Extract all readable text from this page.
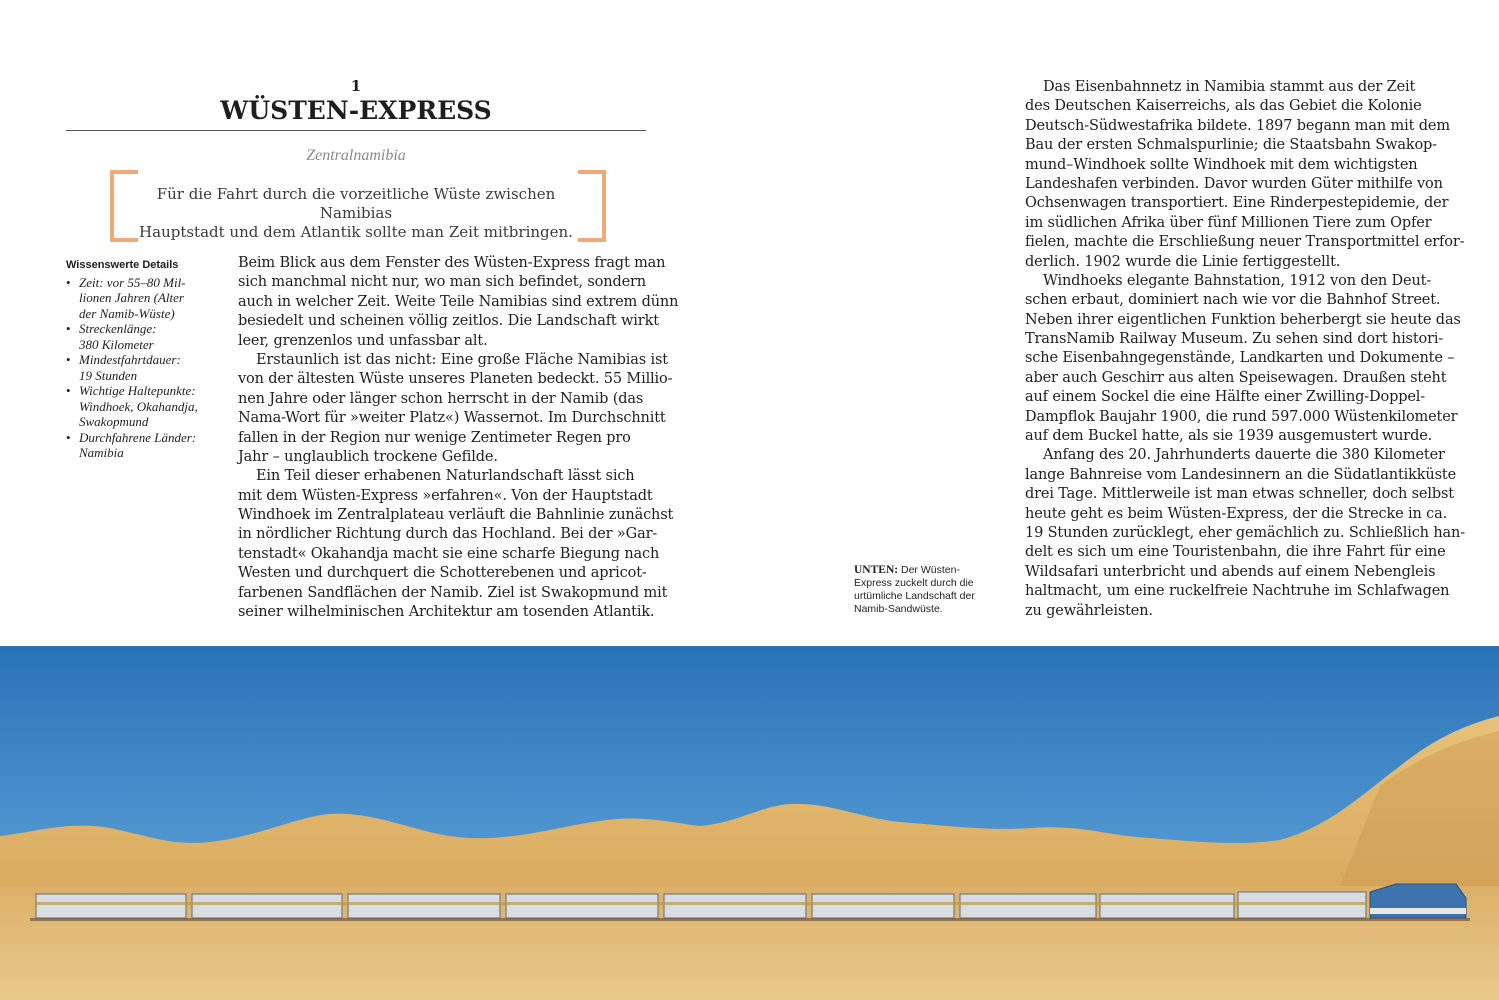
1
WÜSTEN-EXPRESS
Zentralnamibia
Für die Fahrt durch die vorzeitliche Wüste zwischen Namibias
Hauptstadt und dem Atlantik sollte man Zeit mitbringen.
Wissenswerte Details
• Zeit: vor 55–80 Mil-
lionen Jahren (Alter
der Namib-Wüste)
• Streckenlänge:
380 Kilometer
• Mindestfahrtdauer:
19 Stunden
• Wichtige Haltepunkte:
Windhoek, Okahandja,
Swakopmund
• Durchfahrene Länder:
Namibia
Beim Blick aus dem Fenster des Wüsten-Express fragt man
sich manchmal nicht nur, wo man sich befindet, sondern
auch in welcher Zeit. Weite Teile Namibias sind extrem dünn
besiedelt und scheinen völlig zeitlos. Die Landschaft wirkt
leer, grenzenlos und unfassbar alt.
Erstaunlich ist das nicht: Eine große Fläche Namibias ist
von der ältesten Wüste unseres Planeten bedeckt. 55 Millio-
nen Jahre oder länger schon herrscht in der Namib (das
Nama-Wort für »weiter Platz«) Wassernot. Im Durchschnitt
fallen in der Region nur wenige Zentimeter Regen pro
Jahr – unglaublich trockene Gefilde.
Ein Teil dieser erhabenen Naturlandschaft lässt sich
mit dem Wüsten-Express »erfahren«. Von der Hauptstadt
Windhoek im Zentralplateau verläuft die Bahnlinie zunächst
in nördlicher Richtung durch das Hochland. Bei der »Gar-
tenstadt« Okahandja macht sie eine scharfe Biegung nach
Westen und durchquert die Schotterebenen und apricot-
farbenen Sandflächen der Namib. Ziel ist Swakopmund mit
seiner wilhelminischen Architektur am tosenden Atlantik.
Das Eisenbahnnetz in Namibia stammt aus der Zeit
des Deutschen Kaiserreichs, als das Gebiet die Kolonie
Deutsch-Südwestafrika bildete. 1897 begann man mit dem
Bau der ersten Schmalspurlinie; die Staatsbahn Swakop-
mund–Windhoek sollte Windhoek mit dem wichtigsten
Landeshafen verbinden. Davor wurden Güter mithilfe von
Ochsenwagen transportiert. Eine Rinderpestepidemie, der
im südlichen Afrika über fünf Millionen Tiere zum Opfer
fielen, machte die Erschließung neuer Transportmittel erfor-
derlich. 1902 wurde die Linie fertiggestellt.
Windhoeks elegante Bahnstation, 1912 von den Deut-
schen erbaut, dominiert nach wie vor die Bahnhof Street.
Neben ihrer eigentlichen Funktion beherbergt sie heute das
TransNamib Railway Museum. Zu sehen sind dort histori-
sche Eisenbahngegenstände, Landkarten und Dokumente –
aber auch Geschirr aus alten Speisewagen. Draußen steht
auf einem Sockel die eine Hälfte einer Zwilling-Doppel-
Dampflok Baujahr 1900, die rund 597.000 Wüstenkilometer
auf dem Buckel hatte, als sie 1939 ausgemustert wurde.
Anfang des 20. Jahrhunderts dauerte die 380 Kilometer
lange Bahnreise vom Landesinnern an die Südatlantikküste
drei Tage. Mittlerweile ist man etwas schneller, doch selbst
heute geht es beim Wüsten-Express, der die Strecke in ca.
19 Stunden zurücklegt, eher gemächlich zu. Schließlich han-
delt es sich um eine Touristenbahn, die ihre Fahrt für eine
Wildsafari unterbricht und abends auf einem Nebengleis
haltmacht, um eine ruckelfreie Nachtruhe im Schlafwagen
zu gewährleisten.
UNTEN: Der Wüsten-
Express zuckelt durch die
urtümliche Landschaft der
Namib-Sandwüste.
